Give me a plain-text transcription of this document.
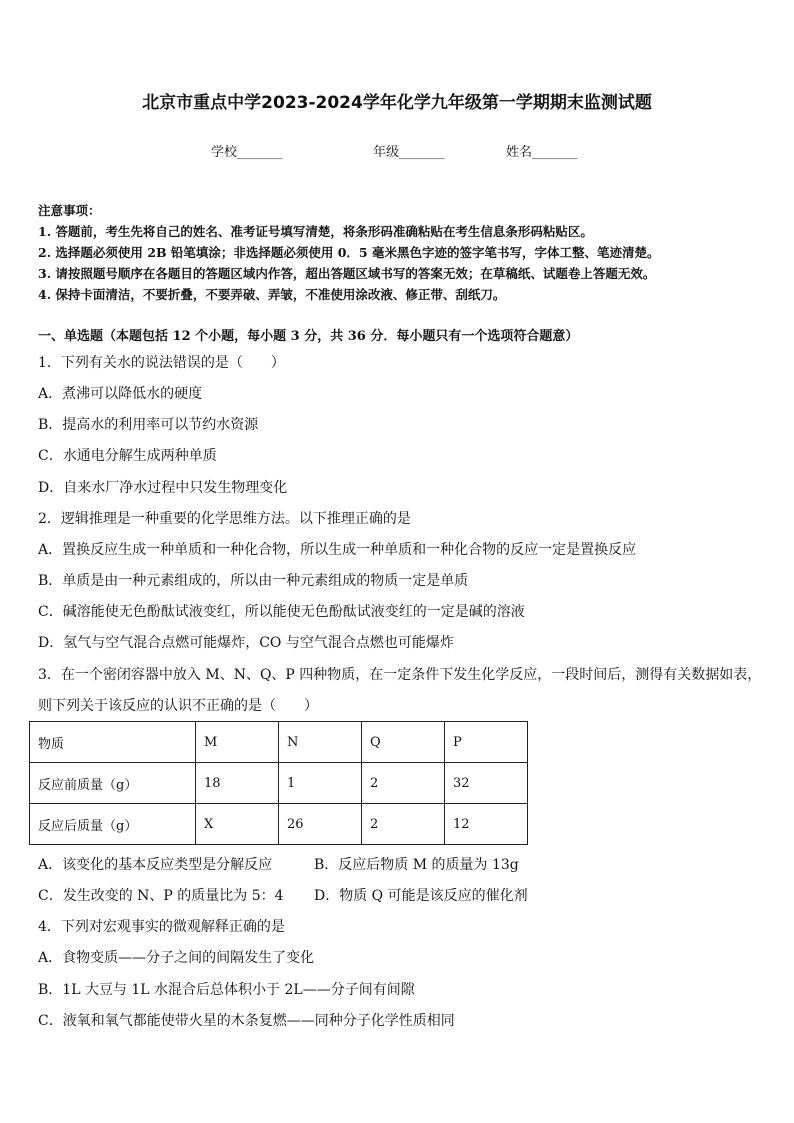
北京市重点中学2023-2024学年化学九年级第一学期期末监测试题
学校_______	年级_______	姓名_______
注意事项：
1. 答题前，考生先将自己的姓名、准考证号填写清楚，将条形码准确粘贴在考生信息条形码粘贴区。
2. 选择题必须使用 2B 铅笔填涂；非选择题必须使用 0．5 毫米黑色字迹的签字笔书写，字体工整、笔迹清楚。
3. 请按照题号顺序在各题目的答题区域内作答，超出答题区域书写的答案无效；在草稿纸、试题卷上答题无效。
4. 保持卡面清洁，不要折叠，不要弄破、弄皱，不准使用涂改液、修正带、刮纸刀。
一、单选题（本题包括 12 个小题，每小题 3 分，共 36 分．每小题只有一个选项符合题意）
1．下列有关水的说法错误的是（　　）
A．煮沸可以降低水的硬度
B．提高水的利用率可以节约水资源
C．水通电分解生成两种单质
D．自来水厂净水过程中只发生物理变化
2．逻辑推理是一种重要的化学思维方法。以下推理正确的是
A．置换反应生成一种单质和一种化合物，所以生成一种单质和一种化合物的反应一定是置换反应
B．单质是由一种元素组成的，所以由一种元素组成的物质一定是单质
C．碱溶能使无色酚酞试液变红，所以能使无色酚酞试液变红的一定是碱的溶液
D．氢气与空气混合点燃可能爆炸，CO 与空气混合点燃也可能爆炸
3．在一个密闭容器中放入 M、N、Q、P 四种物质，在一定条件下发生化学反应，一段时间后，测得有关数据如表，
则下列关于该反应的认识不正确的是（　　）
物质	M	N	Q	P
反应前质量（g）	18	1	2	32
反应后质量（g）	X	26	2	12
A．该变化的基本反应类型是分解反应	B．反应后物质 M 的质量为 13g
C．发生改变的 N、P 的质量比为 5：4 D．物质 Q 可能是该反应的催化剂
4．下列对宏观事实的微观解释正确的是
A．食物变质——分子之间的间隔发生了变化
B．1L 大豆与 1L 水混合后总体积小于 2L——分子间有间隙
C．液氧和氧气都能使带火星的木条复燃——同种分子化学性质相同
